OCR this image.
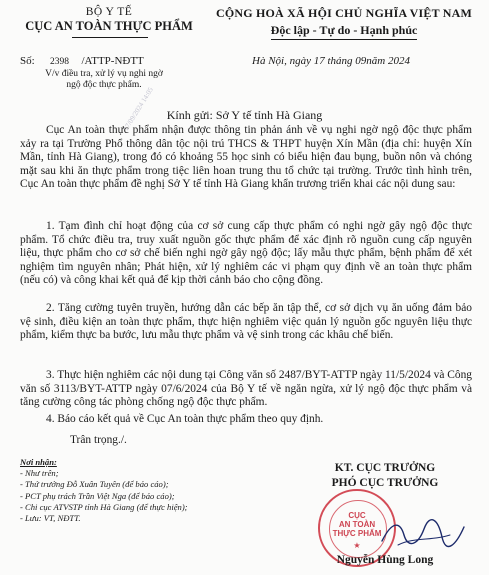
BỘ Y TẾ
CỤC AN TOÀN THỰC PHẨM
CỘNG HOÀ XÃ HỘI CHỦ NGHĨA VIỆT NAM
Độc lập - Tự do - Hạnh phúc
Số: 2398 /ATTP-NĐTT
V/v điều tra, xử lý vụ nghi ngờ
ngộ độc thực phẩm.
Hà Nội, ngày 17 tháng 09năm 2024
17/09/2024 14:05 Kính gửi: Sở Y tế tỉnh Hà Giang
Cục An toàn thực phẩm nhận được thông tin phản ánh về vụ nghi ngờ ngộ độc thực phẩm xảy ra tại Trường Phổ thông dân tộc nội trú THCS & THPT huyện Xín Mần (địa chỉ: huyện Xín Mần, tỉnh Hà Giang), trong đó có khoảng 55 học sinh có biểu hiện đau bụng, buồn nôn và chóng mặt sau khi ăn thực phẩm trong tiệc liên hoan trung thu tổ chức tại trường. Trước tình hình trên, Cục An toàn thực phẩm đề nghị Sở Y tế tỉnh Hà Giang khẩn trương triển khai các nội dung sau:
1. Tạm đình chỉ hoạt động của cơ sở cung cấp thực phẩm có nghi ngờ gây ngộ độc thực phẩm. Tổ chức điều tra, truy xuất nguồn gốc thực phẩm để xác định rõ nguồn cung cấp nguyên liệu, thực phẩm cho cơ sở chế biến nghi ngờ gây ngộ độc; lấy mẫu thực phẩm, bệnh phẩm để xét nghiệm tìm nguyên nhân; Phát hiện, xử lý nghiêm các vi phạm quy định về an toàn thực phẩm (nếu có) và công khai kết quả để kịp thời cảnh báo cho cộng đồng.
2. Tăng cường tuyên truyền, hướng dẫn các bếp ăn tập thể, cơ sở dịch vụ ăn uống đảm bảo vệ sinh, điều kiện an toàn thực phẩm, thực hiện nghiêm việc quản lý nguồn gốc nguyên liệu thực phẩm, kiểm thực ba bước, lưu mẫu thực phẩm và vệ sinh trong các khâu chế biến.
3. Thực hiện nghiêm các nội dung tại Công văn số 2487/BYT-ATTP ngày 11/5/2024 và Công văn số 3113/BYT-ATTP ngày 07/6/2024 của Bộ Y tế về ngăn ngừa, xử lý ngộ độc thực phẩm và tăng cường công tác phòng chống ngộ độc thực phẩm.
4. Báo cáo kết quả về Cục An toàn thực phẩm theo quy định.
Trân trọng./.
Nơi nhận:
- Như trên;
- Thứ trưởng Đỗ Xuân Tuyên (để báo cáo);
- PCT phụ trách Trần Việt Nga (để báo cáo);
- Chi cục ATVSTP tỉnh Hà Giang (để thực hiện);
- Lưu: VT, NĐTT.	CỤC
AN TOÀN
THỰC PHẨM
★
KT. CỤC TRƯỞNG
PHÓ CỤC TRƯỞNG
Nguyễn Hùng Long
